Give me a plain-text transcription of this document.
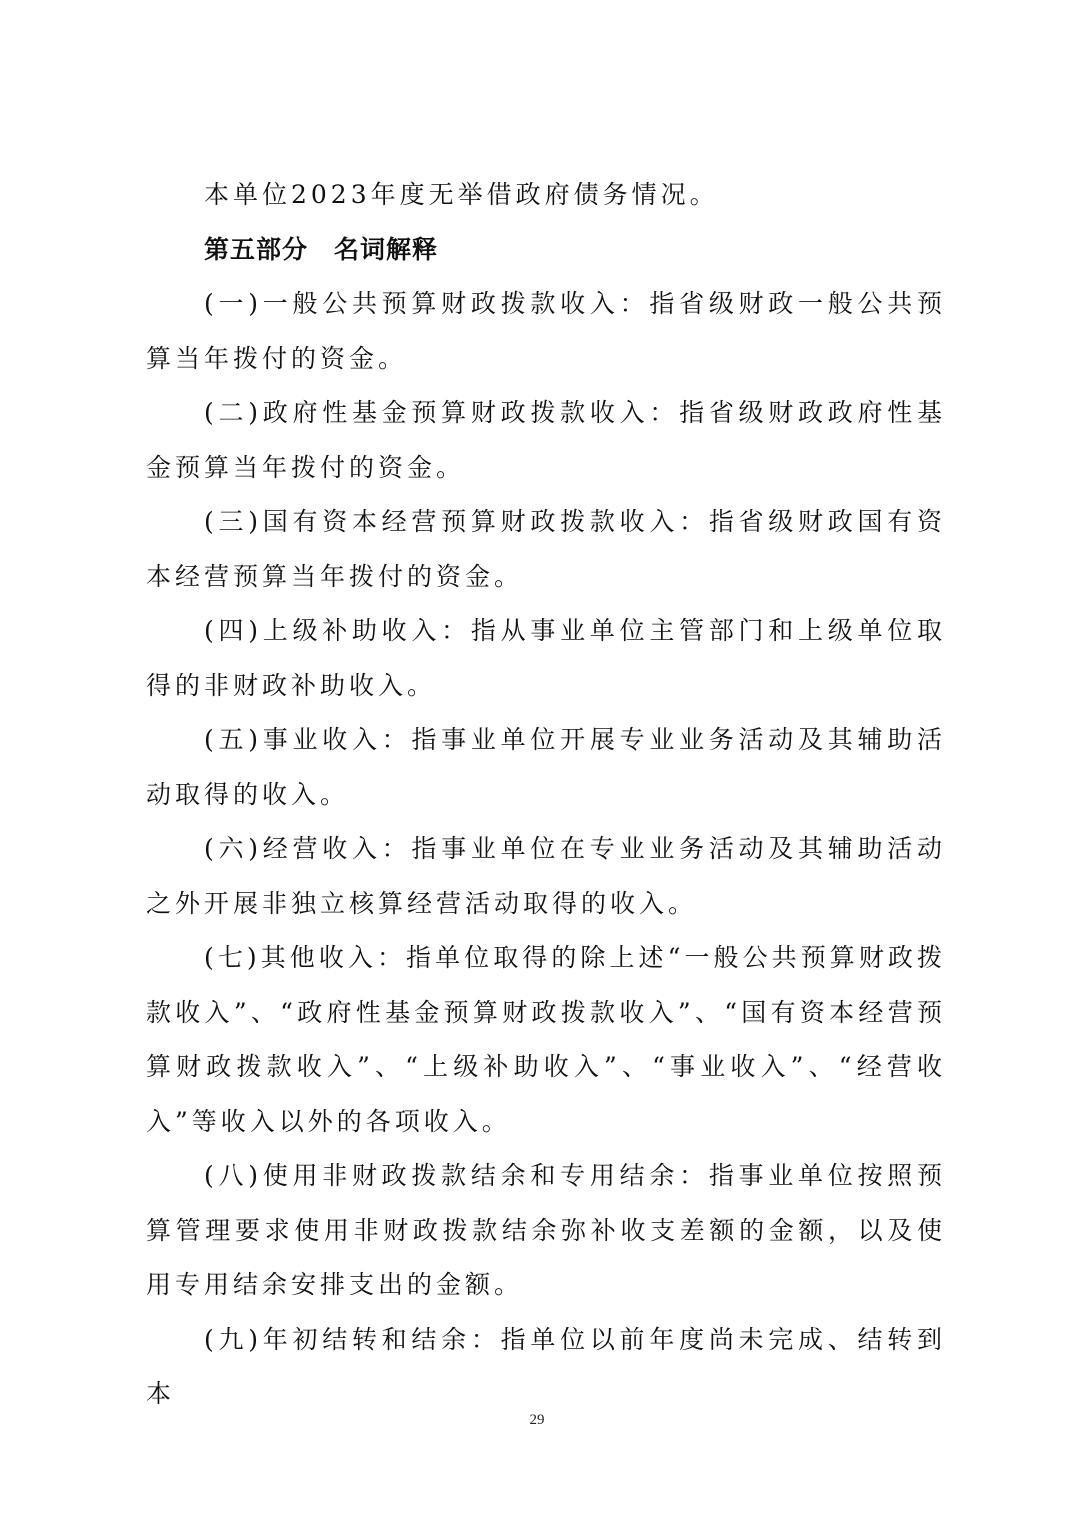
本单位2023年度无举借政府债务情况。

第五部分　名词解释

(一)一般公共预算财政拨款收入：指省级财政一般公共预算当年拨付的资金。

(二)政府性基金预算财政拨款收入：指省级财政政府性基金预算当年拨付的资金。

(三)国有资本经营预算财政拨款收入：指省级财政国有资本经营预算当年拨付的资金。

(四)上级补助收入：指从事业单位主管部门和上级单位取得的非财政补助收入。

(五)事业收入：指事业单位开展专业业务活动及其辅助活动取得的收入。

(六)经营收入：指事业单位在专业业务活动及其辅助活动之外开展非独立核算经营活动取得的收入。

(七)其他收入：指单位取得的除上述“一般公共预算财政拨款收入”、“政府性基金预算财政拨款收入”、“国有资本经营预算财政拨款收入”、“上级补助收入”、“事业收入”、“经营收入”等收入以外的各项收入。

(八)使用非财政拨款结余和专用结余：指事业单位按照预算管理要求使用非财政拨款结余弥补收支差额的金额，以及使用专用结余安排支出的金额。

(九)年初结转和结余：指单位以前年度尚未完成、结转到本

29
